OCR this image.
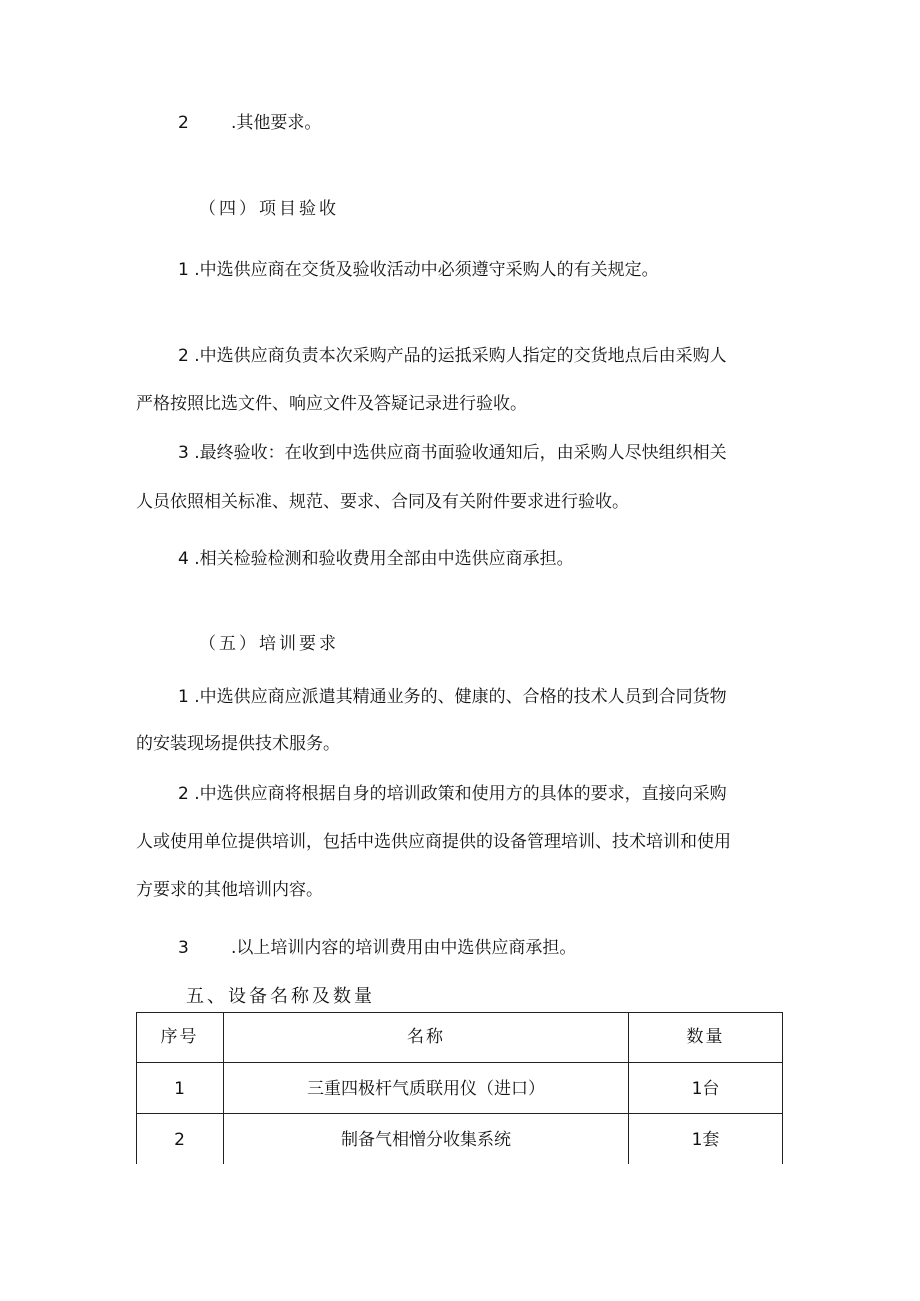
2 .其他要求。
（四）项目验收
1 .中选供应商在交货及验收活动中必须遵守采购人的有关规定。
2 .中选供应商负责本次采购产品的运抵采购人指定的交货地点后由采购人
严格按照比选文件、响应文件及答疑记录进行验收。
3 .最终验收：在收到中选供应商书面验收通知后，由采购人尽快组织相关
人员依照相关标准、规范、要求、合同及有关附件要求进行验收。
4 .相关检验检测和验收费用全部由中选供应商承担。
（五）培训要求
1 .中选供应商应派遣其精通业务的、健康的、合格的技术人员到合同货物
的安装现场提供技术服务。
2 .中选供应商将根据自身的培训政策和使用方的具体的要求，直接向采购
人或使用单位提供培训，包括中选供应商提供的设备管理培训、技术培训和使用
方要求的其他培训内容。
3 .以上培训内容的培训费用由中选供应商承担。
五、设备名称及数量
序号	名称	数量
1	三重四极杆气质联用仪（进口）	1台
2	制备气相憎分收集系统	1套
